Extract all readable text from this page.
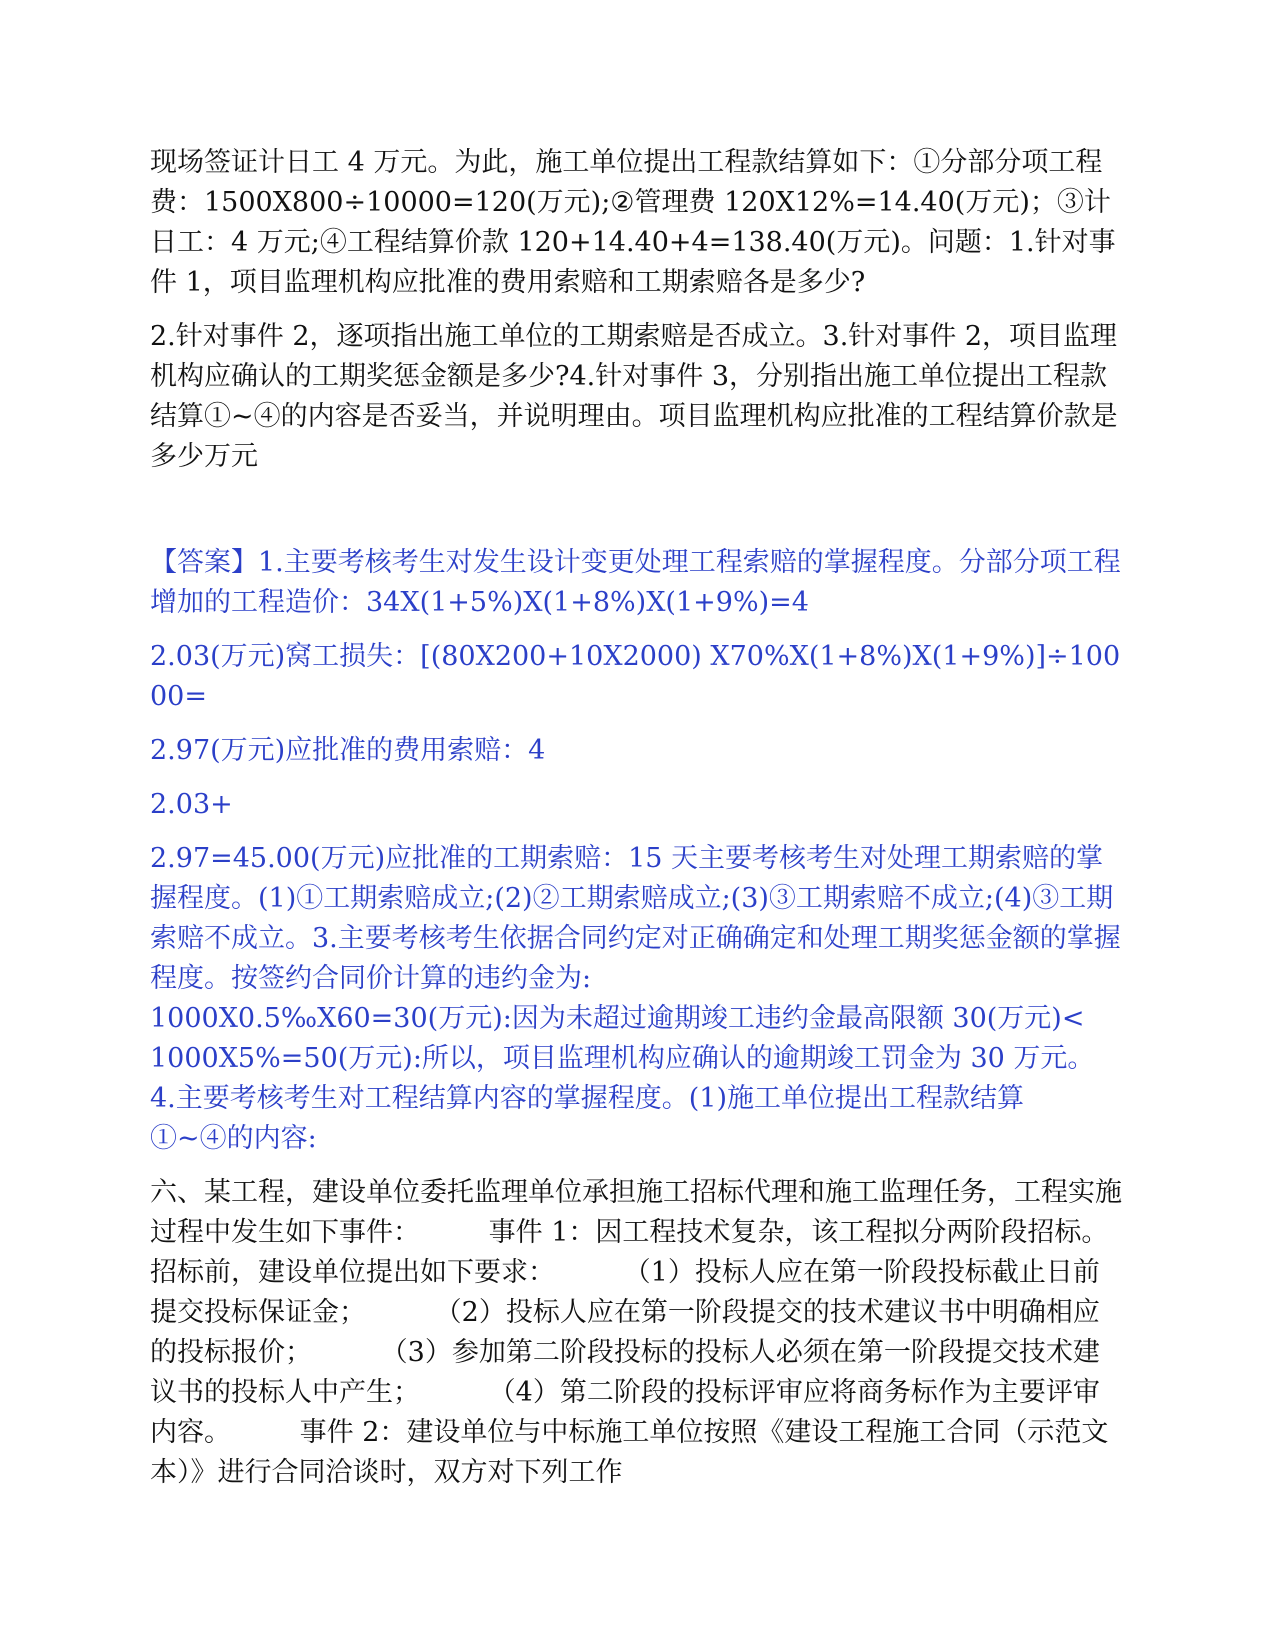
现场签证计日工 4 万元。为此，施工单位提出工程款结算如下：①分部分项工程费：1500X800÷10000=120(万元);②管理费 120X12%=14.40(万元)；③计日工：4 万元;④工程结算价款 120+14.40+4=138.40(万元)。问题：1.针对事件 1，项目监理机构应批准的费用索赔和工期索赔各是多少?

2.针对事件 2，逐项指出施工单位的工期索赔是否成立。3.针对事件 2，项目监理机构应确认的工期奖惩金额是多少?4.针对事件 3，分别指出施工单位提出工程款结算①~④的内容是否妥当，并说明理由。项目监理机构应批准的工程结算价款是多少万元

【答案】1.主要考核考生对发生设计变更处理工程索赔的掌握程度。分部分项工程增加的工程造价：34X(1+5%)X(1+8%)X(1+9%)=4

2.03(万元)窝工损失：[(80X200+10X2000) X70%X(1+8%)X(1+9%)]÷10000=

2.97(万元)应批准的费用索赔：4

2.03+

2.97=45.00(万元)应批准的工期索赔：15 天主要考核考生对处理工期索赔的掌握程度。(1)①工期索赔成立;(2)②工期索赔成立;(3)③工期索赔不成立;(4)③工期索赔不成立。3.主要考核考生依据合同约定对正确确定和处理工期奖惩金额的掌握程度。按签约合同价计算的违约金为:
1000X0.5‰X60=30(万元):因为未超过逾期竣工违约金最高限额 30(万元)<
1000X5%=50(万元):所以，项目监理机构应确认的逾期竣工罚金为 30 万元。
4.主要考核考生对工程结算内容的掌握程度。(1)施工单位提出工程款结算
①~④的内容:

六、某工程，建设单位委托监理单位承担施工招标代理和施工监理任务，工程实施过程中发生如下事件：        事件 1：因工程技术复杂，该工程拟分两阶段招标。招标前，建设单位提出如下要求：        （1）投标人应在第一阶段投标截止日前提交投标保证金；        （2）投标人应在第一阶段提交的技术建议书中明确相应的投标报价；        （3）参加第二阶段投标的投标人必须在第一阶段提交技术建议书的投标人中产生；        （4）第二阶段的投标评审应将商务标作为主要评审内容。        事件 2：建设单位与中标施工单位按照《建设工程施工合同（示范文本）》进行合同洽谈时，双方对下列工作
